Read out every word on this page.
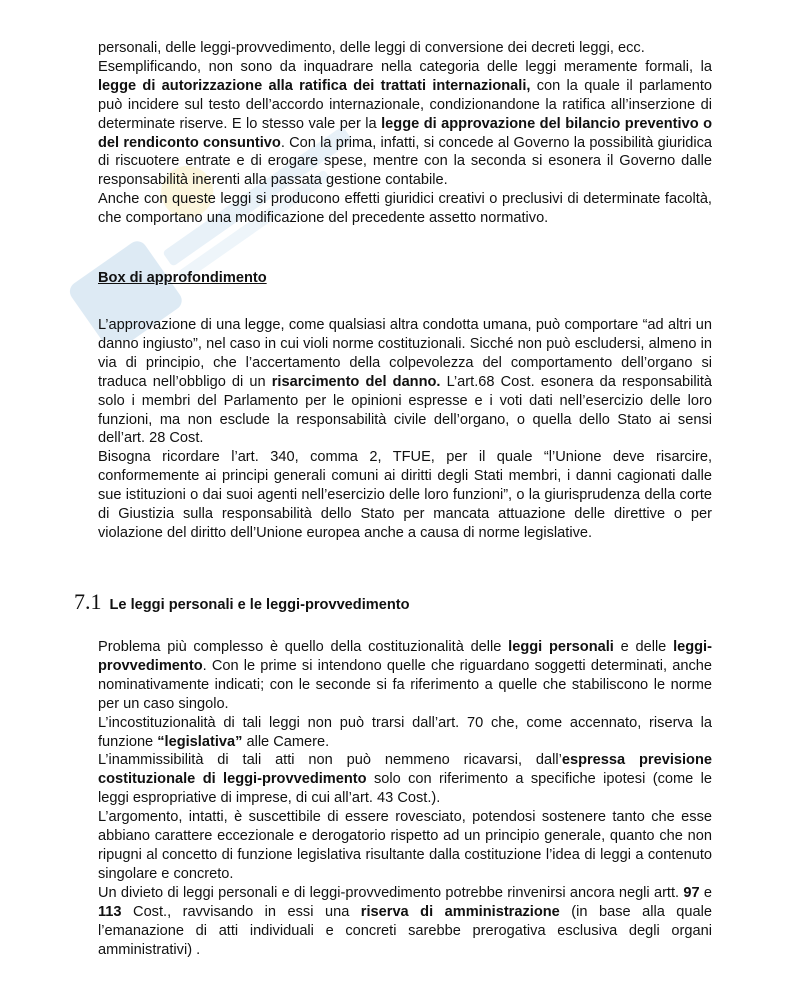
personali, delle leggi-provvedimento, delle leggi di conversione dei decreti leggi, ecc.

Esemplificando, non sono da inquadrare nella categoria delle leggi meramente formali, la legge di autorizzazione alla ratifica dei trattati internazionali, con la quale il parlamento può incidere sul testo dell’accordo internazionale, condizionandone la ratifica all’inserzione di determinate riserve. E lo stesso vale per la legge di approvazione del bilancio preventivo o del rendiconto consuntivo. Con la prima, infatti, si concede al Governo la possibilità giuridica di riscuotere entrate e di erogare spese, mentre con la seconda si esonera il Governo dalle responsabilità inerenti alla passata gestione contabile.

Anche con queste leggi si producono effetti giuridici creativi o preclusivi di determinate facoltà, che comportano una modificazione del precedente assetto normativo.

Box di approfondimento

L’approvazione di una legge, come qualsiasi altra condotta umana, può comportare “ad altri un danno ingiusto”, nel caso in cui violi norme costituzionali. Sicché non può escludersi, almeno in via di principio, che l’accertamento della colpevolezza del comportamento dell’organo si traduca nell’obbligo di un risarcimento del danno. L’art.68 Cost. esonera da responsabilità solo i membri del Parlamento per le opinioni espresse e i voti dati nell’esercizio delle loro funzioni, ma non esclude la responsabilità civile dell’organo, o quella dello Stato ai sensi dell’art. 28 Cost.

Bisogna ricordare l’art. 340, comma 2, TFUE, per il quale “l’Unione deve risarcire, conformemente ai principi generali comuni ai diritti degli Stati membri, i danni cagionati dalle sue istituzioni o dai suoi agenti nell’esercizio delle loro funzioni”, o la giurisprudenza della corte di Giustizia sulla responsabilità dello Stato per mancata attuazione delle direttive o per violazione del diritto dell’Unione europea anche a causa di norme legislative.

7.1 Le leggi personali e le leggi-provvedimento

Problema più complesso è quello della costituzionalità delle leggi personali e delle leggi-provvedimento. Con le prime si intendono quelle che riguardano soggetti determinati, anche nominativamente indicati; con le seconde si fa riferimento a quelle che stabiliscono le norme per un caso singolo.

L’incostituzionalità di tali leggi non può trarsi dall’art. 70 che, come accennato, riserva la funzione “legislativa” alle Camere.

L’inammissibilità di tali atti non può nemmeno ricavarsi, dall’espressa previsione costituzionale di leggi-provvedimento solo con riferimento a specifiche ipotesi (come le leggi espropriative di imprese, di cui all’art. 43 Cost.).

L’argomento, intatti, è suscettibile di essere rovesciato, potendosi sostenere tanto che esse abbiano carattere eccezionale e derogatorio rispetto ad un principio generale, quanto che non ripugni al concetto di funzione legislativa risultante dalla costituzione l’idea di leggi a contenuto singolare e concreto.

Un divieto di leggi personali e di leggi-provvedimento potrebbe rinvenirsi ancora negli artt. 97 e 113 Cost., ravvisando in essi una riserva di amministrazione (in base alla quale l’emanazione di atti individuali e concreti sarebbe prerogativa esclusiva degli organi amministrativi) .
